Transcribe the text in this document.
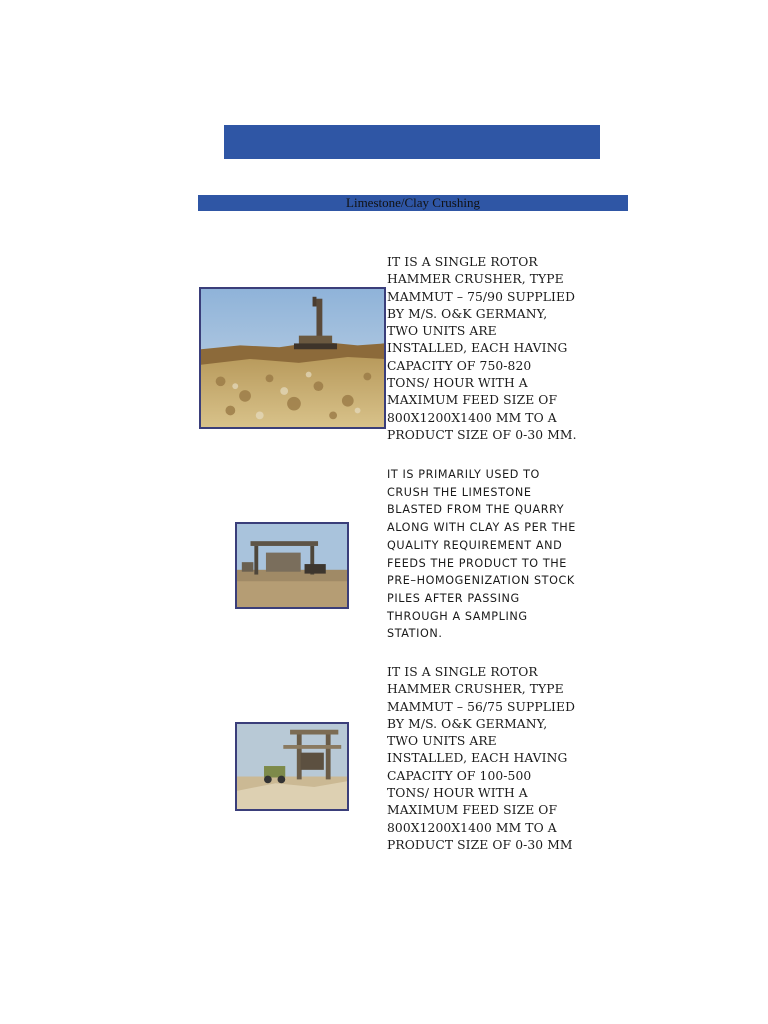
Limestone/Clay Crushing

IT IS A SINGLE ROTOR HAMMER CRUSHER, TYPE MAMMUT – 75/90 SUPPLIED BY M/S. O&K GERMANY, TWO UNITS ARE INSTALLED, EACH HAVING CAPACITY OF 750-820 TONS/ HOUR WITH A MAXIMUM FEED SIZE OF 800X1200X1400 MM TO A PRODUCT SIZE OF 0-30 MM.

IT IS PRIMARILY USED TO CRUSH THE LIMESTONE BLASTED FROM THE QUARRY ALONG WITH CLAY AS PER THE QUALITY REQUIREMENT AND FEEDS THE PRODUCT TO THE PRE–HOMOGENIZATION STOCK PILES AFTER PASSING THROUGH A SAMPLING STATION.

IT IS A SINGLE ROTOR HAMMER CRUSHER, TYPE MAMMUT – 56/75 SUPPLIED BY M/S. O&K GERMANY, TWO UNITS ARE INSTALLED, EACH HAVING CAPACITY OF 100-500 TONS/ HOUR WITH A MAXIMUM FEED SIZE OF 800X1200X1400 MM TO A PRODUCT SIZE OF 0-30 MM
